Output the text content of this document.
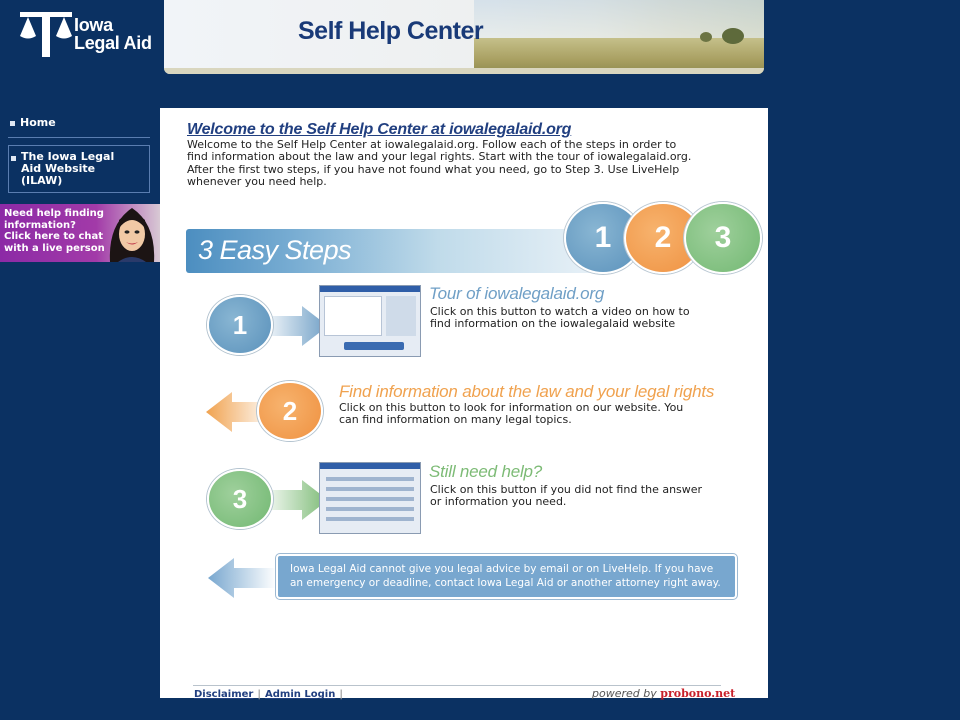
Iowa
Legal Aid	Self Help Center
Home
The Iowa Legal
Aid Website
(ILAW)
Need help finding
information?
Click here to chat
with a live person
Welcome to the Self Help Center at iowalegalaid.org
Welcome to the Self Help Center at iowalegalaid.org. Follow each of the steps in order to
find information about the law and your legal rights. Start with the tour of iowalegalaid.org.
After the first two steps, if you have not found what you need, go to Step 3. Use LiveHelp
whenever you need help.
3 Easy Steps	1	2	3
1
Tour of iowalegalaid.org
Click on this button to watch a video on how to
find information on the iowalegalaid website
2
Find information about the law and your legal rights
Click on this button to look for information on our website. You
can find information on many legal topics.
3
Still need help?
Click on this button if you did not find the answer
or information you need.
Iowa Legal Aid cannot give you legal advice by email or on LiveHelp. If you have
an emergency or deadline, contact Iowa Legal Aid or another attorney right away.
Disclaimer | Admin Login |	powered by probono.net
